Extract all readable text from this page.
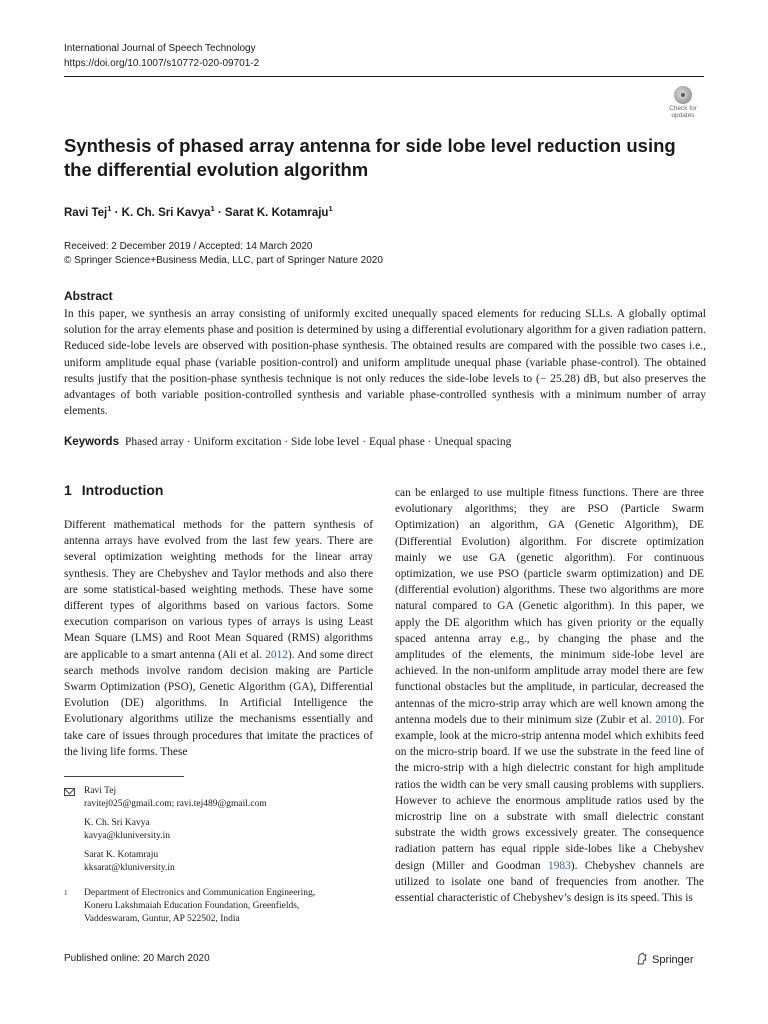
International Journal of Speech Technology
https://doi.org/10.1007/s10772-020-09701-2
Check for
updates
Synthesis of phased array antenna for side lobe level reduction using the differential evolution algorithm
Ravi Tej$^1$ · K. Ch. Sri Kavya$^1$ · Sarat K. Kotamraju$^1$
Received: 2 December 2019 / Accepted: 14 March 2020
© Springer Science+Business Media, LLC, part of Springer Nature 2020
Abstract
In this paper, we synthesis an array consisting of uniformly excited unequally spaced elements for reducing SLLs. A globally optimal solution for the array elements phase and position is determined by using a differential evolutionary algorithm for a given radiation pattern. Reduced side-lobe levels are observed with position-phase synthesis. The obtained results are compared with the possible two cases i.e., uniform amplitude equal phase (variable position-control) and uniform amplitude unequal phase (variable phase-control). The obtained results justify that the position-phase synthesis technique is not only reduces the side-lobe levels to (− 25.28) dB, but also preserves the advantages of both variable position-controlled synthesis and variable phase-controlled synthesis with a minimum number of array elements.
Keywords Phased array · Uniform excitation · Side lobe level · Equal phase · Unequal spacing
1 Introduction
Different mathematical methods for the pattern synthesis of antenna arrays have evolved from the last few years. There are several optimization weighting methods for the linear array synthesis. They are Chebyshev and Taylor methods and also there are some statistical-based weighting methods. These have some different types of algorithms based on various factors. Some execution comparison on various types of arrays is using Least Mean Square (LMS) and Root Mean Squared (RMS) algorithms are applicable to a smart antenna (Ali et al. 2012). And some direct search methods involve random decision making are Particle Swarm Optimization (PSO), Genetic Algorithm (GA), Differential Evolution (DE) algorithms. In Artificial Intelligence the Evolutionary algorithms utilize the mechanisms essentially and take care of issues through procedures that imitate the practices of the living life forms. These
can be enlarged to use multiple fitness functions. There are three evolutionary algorithms; they are PSO (Particle Swarm Optimization) an algorithm, GA (Genetic Algorithm), DE (Differential Evolution) algorithm. For discrete optimization mainly we use GA (genetic algorithm). For continuous optimization, we use PSO (particle swarm optimization) and DE (differential evolution) algorithms. These two algorithms are more natural compared to GA (Genetic algorithm). In this paper, we apply the DE algorithm which has given priority or the equally spaced antenna array e.g., by changing the phase and the amplitudes of the elements, the minimum side-lobe level are achieved. In the non-uniform amplitude array model there are few functional obstacles but the amplitude, in particular, decreased the antennas of the micro-strip array which are well known among the antenna models due to their minimum size (Zubir et al. 2010). For example, look at the micro-strip antenna model which exhibits feed on the micro-strip board. If we use the substrate in the feed line of the micro-strip with a high dielectric constant for high amplitude ratios the width can be very small causing problems with suppliers. However to achieve the enormous amplitude ratios used by the microstrip line on a substrate with small dielectric constant substrate the width grows excessively greater. The consequence radiation pattern has equal ripple side-lobes like a Chebyshev design (Miller and Goodman 1983). Chebyshev channels are utilized to isolate one band of frequencies from another. The essential characteristic of Chebyshev’s design is its speed. This is
Ravi Tej
ravitej025@gmail.com; ravi.tej489@gmail.com
K. Ch. Sri Kavya
kavya@kluniversity.in
Sarat K. Kotamraju
kksarat@kluniversity.in
1 Department of Electronics and Communication Engineering,
Koneru Lakshmaiah Education Foundation, Greenfields,
Vaddeswaram, Guntur, AP 522502, India
Published online: 20 March 2020	Springer
